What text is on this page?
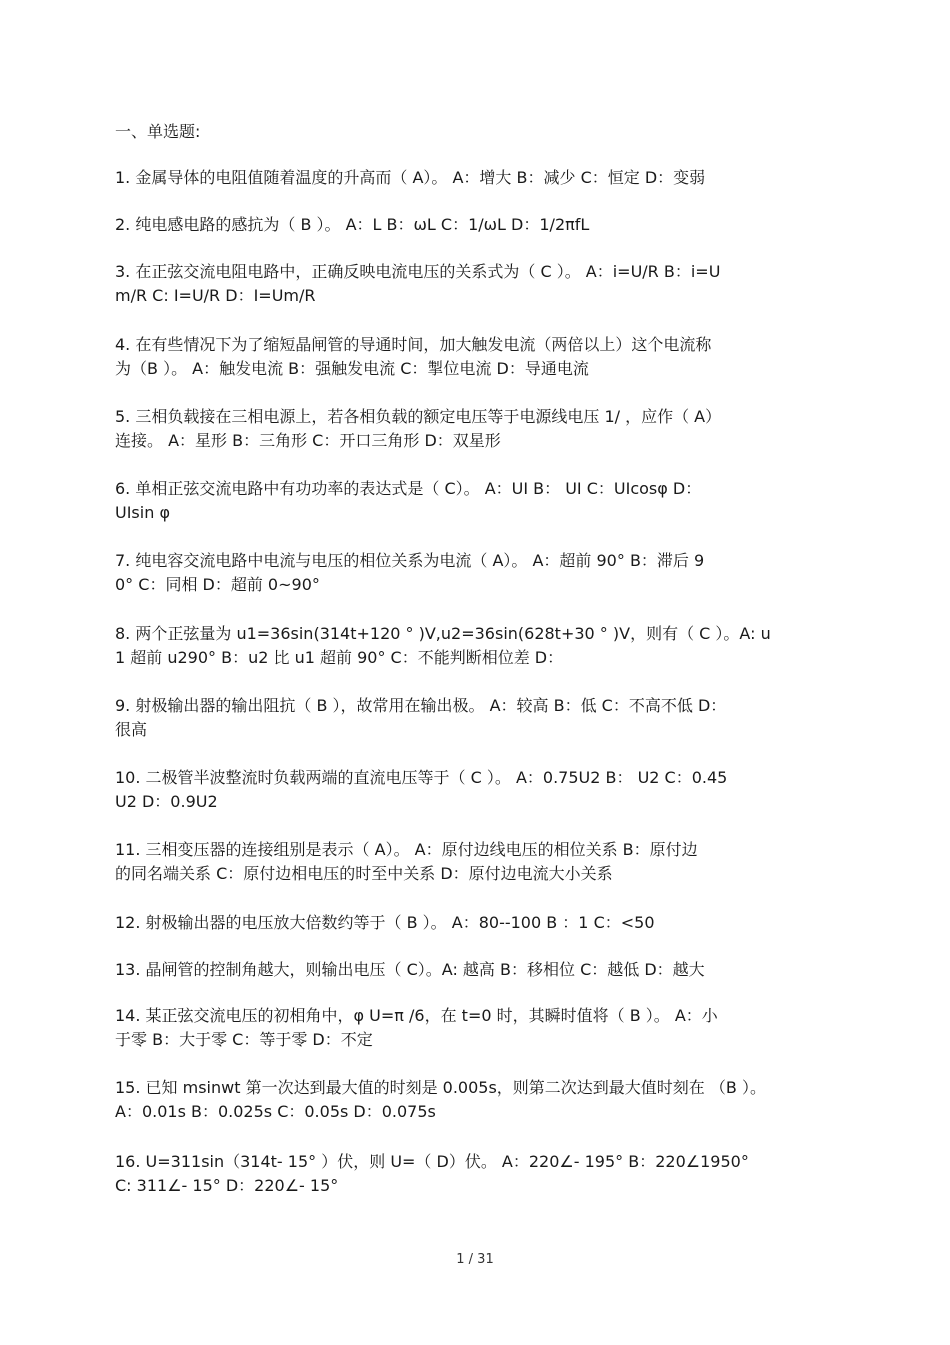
一、单选题:
1. 金属导体的电阻值随着温度的升高而（ A）。 A：增大 B：减少 C：恒定 D：变弱
2. 纯电感电路的感抗为（ B ）。 A：L B：ωL C：1/ωL D：1/2πfL
3. 在正弦交流电阻电路中，正确反映电流电压的关系式为（ C ）。 A：i=U/R B：i=U
m/R C: I=U/R D：I=Um/R
4. 在有些情况下为了缩短晶闸管的导通时间，加大触发电流（两倍以上）这个电流称
为（B ）。 A：触发电流 B：强触发电流 C：掣位电流 D：导通电流
5. 三相负载接在三相电源上，若各相负载的额定电压等于电源线电压 1/ ，应作（ A）
连接。 A：星形 B：三角形 C：开口三角形 D：双星形
6. 单相正弦交流电路中有功功率的表达式是（ C）。 A：UI B： UI C：UIcosφ D：
UIsin φ
7. 纯电容交流电路中电流与电压的相位关系为电流（ A）。 A：超前 90° B：滞后 9
0° C：同相 D：超前 0~90°
8. 两个正弦量为 u1=36sin(314t+120 ° )V,u2=36sin(628t+30 ° )V，则有（ C ）。A: u
1 超前 u290° B：u2 比 u1 超前 90° C：不能判断相位差 D：
9. 射极输出器的输出阻抗（ B ），故常用在输出极。 A：较高 B：低 C：不高不低 D：
很高
10. 二极管半波整流时负载两端的直流电压等于（ C ）。 A：0.75U2 B： U2 C：0.45
U2 D：0.9U2
11. 三相变压器的连接组别是表示（ A）。 A：原付边线电压的相位关系 B：原付边
的同名端关系 C：原付边相电压的时至中关系 D：原付边电流大小关系
12. 射极输出器的电压放大倍数约等于（ B ）。 A：80--100 B ：1 C：<50
13. 晶闸管的控制角越大，则输出电压（ C）。A: 越高 B：移相位 C：越低 D：越大
14. 某正弦交流电压的初相角中，φ U=π /6，在 t=0 时，其瞬时值将（ B ）。 A：小
于零 B：大于零 C：等于零 D：不定
15. 已知 msinwt 第一次达到最大值的时刻是 0.005s，则第二次达到最大值时刻在 （B ）。
A：0.01s B：0.025s C：0.05s D：0.075s
16. U=311sin（314t- 15° ）伏，则 U=（ D）伏。 A：220∠- 195° B：220∠1950°
C: 311∠- 15° D：220∠- 15°
1 / 31
